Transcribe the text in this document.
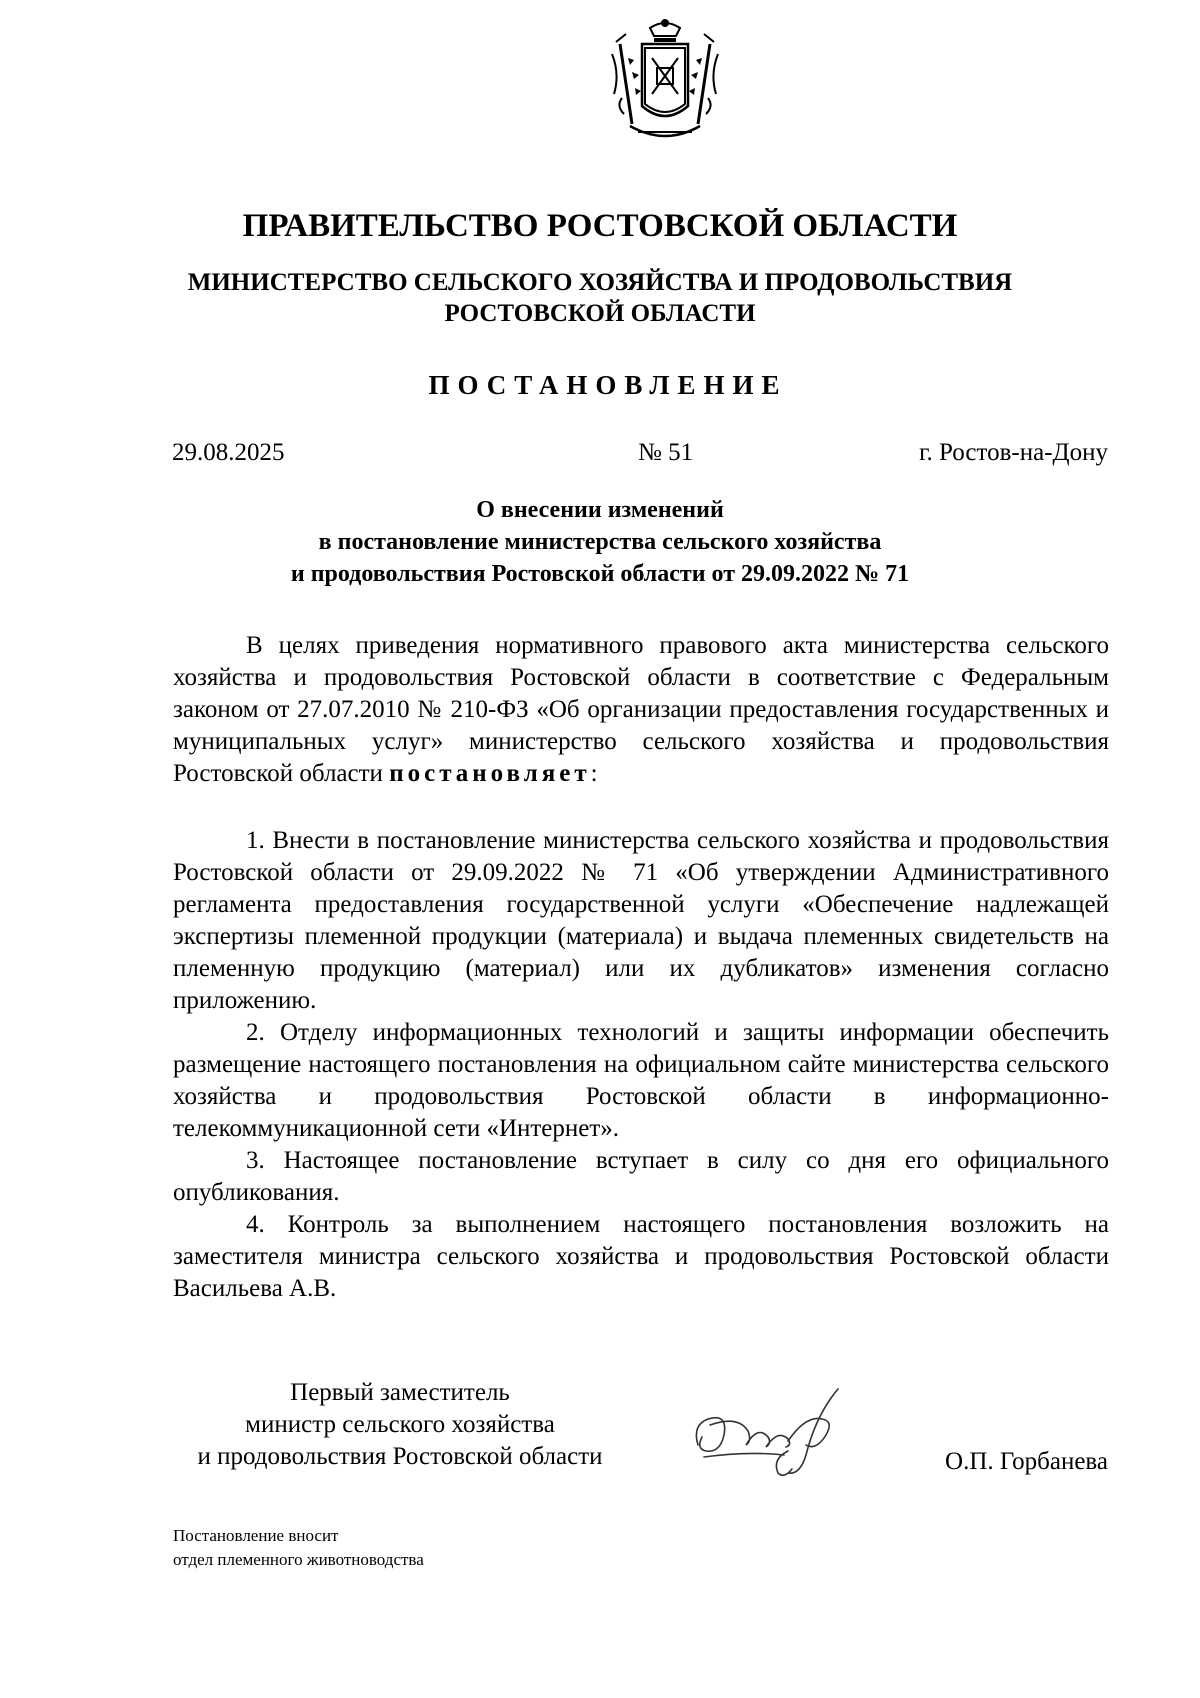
ПРАВИТЕЛЬСТВО РОСТОВСКОЙ ОБЛАСТИ
МИНИСТЕРСТВО СЕЛЬСКОГО ХОЗЯЙСТВА И ПРОДОВОЛЬСТВИЯ
РОСТОВСКОЙ ОБЛАСТИ
ПОСТАНОВЛЕНИЕ
29.08.2025	№ 51	г. Ростов-на-Дону
О внесении изменений
в постановление министерства сельского хозяйства
и продовольствия Ростовской области от 29.09.2022 № 71

В целях приведения нормативного правового акта министерства сельского хозяйства и продовольствия Ростовской области в соответствие с Федеральным законом от 27.07.2010 № 210-ФЗ «Об организации предоставления государственных и муниципальных услуг» министерство сельского хозяйства и продовольствия Ростовской области постановляет:

1. Внести в постановление министерства сельского хозяйства и продовольствия Ростовской области от 29.09.2022 № 71 «Об утверждении Административного регламента предоставления государственной услуги «Обеспечение надлежащей экспертизы племенной продукции (материала) и выдача племенных свидетельств на племенную продукцию (материал) или их дубликатов» изменения согласно приложению.

2. Отделу информационных технологий и защиты информации обеспечить размещение настоящего постановления на официальном сайте министерства сельского хозяйства и продовольствия Ростовской области в информационно-телекоммуникационной сети «Интернет».

3. Настоящее постановление вступает в силу со дня его официального опубликования.

4. Контроль за выполнением настоящего постановления возложить на заместителя министра сельского хозяйства и продовольствия Ростовской области Васильева А.В.

Первый заместитель
министр сельского хозяйства
и продовольствия Ростовской области	О.П. Горбанева
Постановление вносит
отдел племенного животноводства
